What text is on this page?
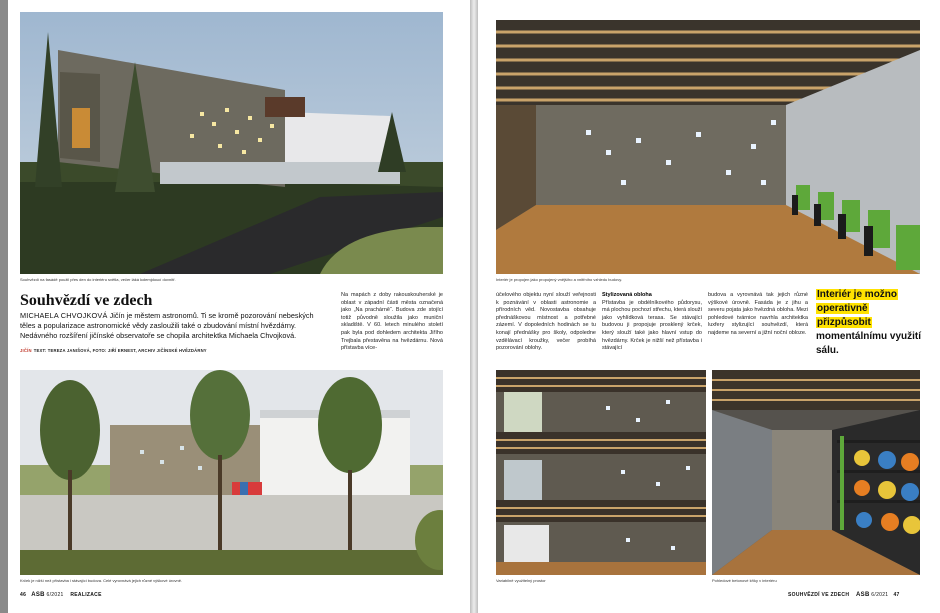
Souhvězdí na fasádě použil přes den do interiéru světla, večer láká kolemjdoucí dovnitř.
Souhvězdí ve zdech

MICHAELA CHVOJKOVÁ Jičín je městem astronomů. Ti se kromě pozorování nebeských těles a popularizace astronomické vědy zasloužili také o zbudování místní hvězdárny. Nedávného rozšíření jičínské observatoře se chopila architektka Michaela Chvojková.

JIČÍN TEXT: TEREZA JANIŠOVÁ, FOTO: JIŘÍ ERNEST, ARCHIV JIČÍNSKÉ HVĚZDÁRNY

Na mapách z doby rakouskouherské je oblast v západní části města označená jako „Na prachárně“. Budova zde stojící totiž původně sloužila jako muniční skladiště. V 60. letech minulého století pak byla pod dohledem architekta Jiřího Trejbala přestavěna na hvězdárnu. Nová přístavba více-

Krček je nižší než přístavba i stávající budova. Celé vyrovnává jejich různé výškové úrovně.
46 ASB 6/2021 REALIZACE
Interiér je propojen jako propojený vnějšího a vnitřního vzhledu budovy.

účelového objektu nyní slouží veřejnosti k poznávání v oblasti astronomie a přírodních věd. Novostavba obsahuje přednáškovou místnost a potřebné zázemí. V dopoledních hodinách se tu konají přednášky pro školy, odpoledne vzdělávací kroužky, večer probíhá pozorování oblohy.

Stylizovaná obloha
Přístavba je obdélníkového půdorysu, má plochou pochozí střechu, která slouží jako vyhlídková terasa. Se stávající budovou ji propojuje prosklený krček, který slouží také jako hlavní vstup do hvězdárny. Krček je nižší než přístavba i stávající

budova a vyrovnává tak jejich různé výškové úrovně. Fasáda je z jihu a severu pojata jako hvězdná obloha. Mezi pohledové tvárnice navrhla architektka luxfery stylizující souhvězdí, která najdeme na severní a jižní noční obloze.

Interiér je možno
operativně
přizpůsobit momentálnímu využití sálu.
Variabilně využitelný prostor	Pohledové betonové kříky v interiéru
SOUHVĚZDÍ VE ZDECH ASB 6/2021 47
